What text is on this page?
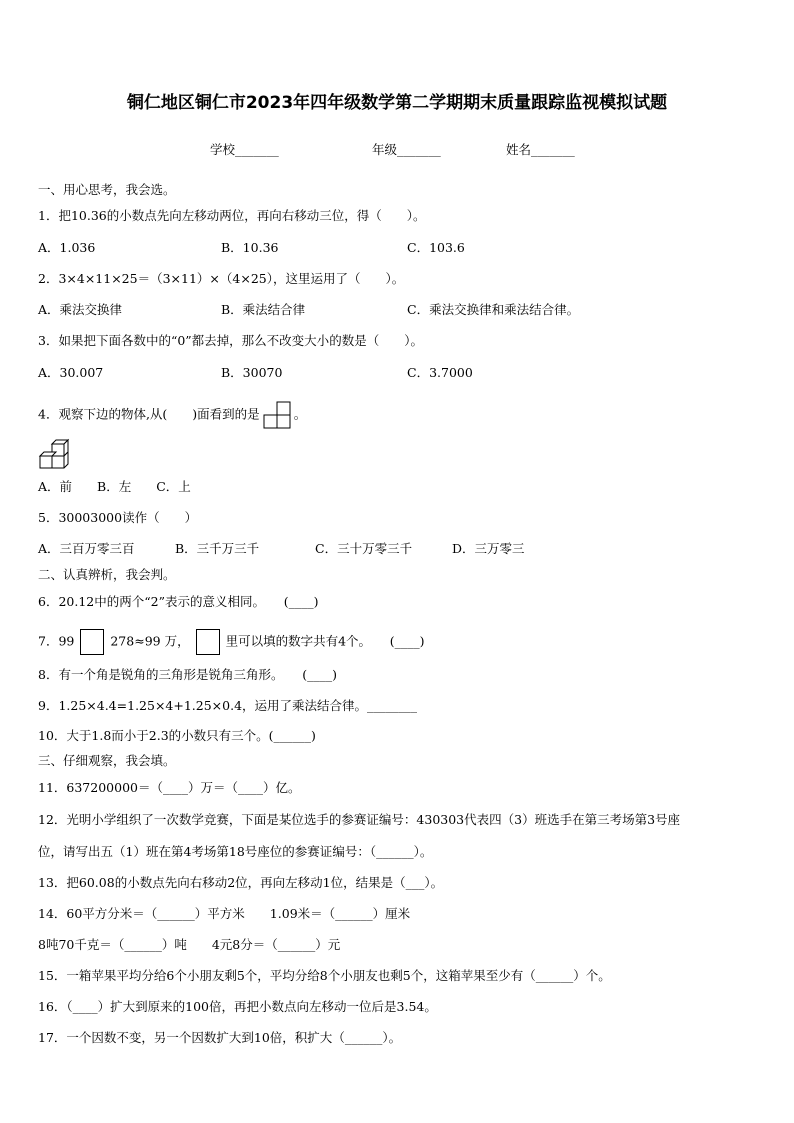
铜仁地区铜仁市2023年四年级数学第二学期期末质量跟踪监视模拟试题
学校_______	年级_______	姓名_______
一、用心思考，我会选。
1．把10.36的小数点先向左移动两位，再向右移动三位，得（　　）。
A．1.036	B．10.36	C．103.6
2．3×4×11×25＝（3×11）×（4×25），这里运用了（　　）。
A．乘法交换律	B．乘法结合律	C．乘法交换律和乘法结合律。
3．如果把下面各数中的“0”都去掉，那么不改变大小的数是（　　）。
A．30.007	B．30070	C．3.7000
4．观察下边的物体,从(　　)面看到的是	。
A．前　　B．左　　C．上
5．30003000读作（　　）
A．三百万零三百	B．三千万三千	C．三十万零三千	D．三万零三
二、认真辨析，我会判。
6．20.12中的两个“2”表示的意义相同。　　(____)
7．99	278≈99 万，	里可以填的数字共有4个。　　(____)
8．有一个角是锐角的三角形是锐角三角形。　　(____)
9．1.25×4.4=1.25×4+1.25×0.4，运用了乘法结合律。________
10．大于1.8而小于2.3的小数只有三个。(______)
三、仔细观察，我会填。
11．637200000＝（____）万＝（____）亿。
12．光明小学组织了一次数学竞赛，下面是某位选手的参赛证编号：430303代表四（3）班选手在第三考场第3号座
位，请写出五（1）班在第4考场第18号座位的参赛证编号：（______）。
13．把60.08的小数点先向右移动2位，再向左移动1位，结果是（___）。
14．60平方分米＝（______）平方米　　1.09米＝（______）厘米
8吨70千克＝（______）吨　　4元8分＝（______）元
15．一箱苹果平均分给6个小朋友剩5个，平均分给8个小朋友也剩5个，这箱苹果至少有（______）个。
16．（____）扩大到原来的100倍，再把小数点向左移动一位后是3.54。
17．一个因数不变，另一个因数扩大到10倍，积扩大（______）。
